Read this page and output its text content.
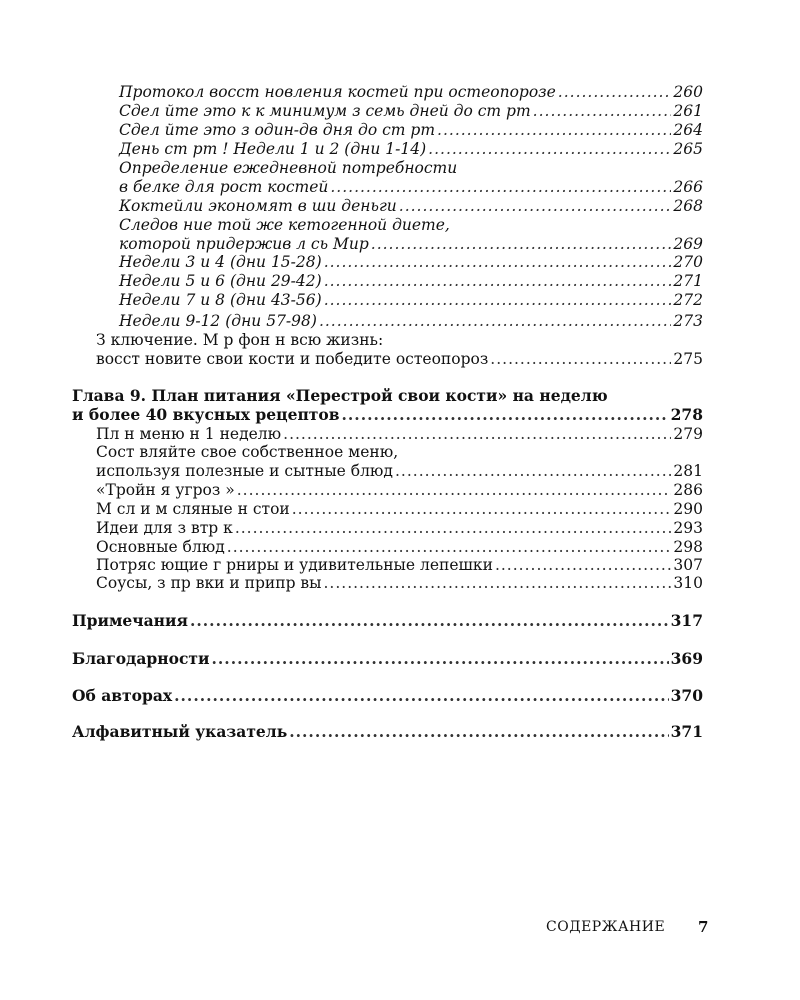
Протокол восст новления костей при остеопорозе .....	260
Сдел йте это к к минимум з семь дней до ст рт .....	261
Сдел йте это з один-дв дня до ст рт .....	264
День ст рт ! Недели 1 и 2 (дни 1-14) .....	265
Определение ежедневной потребности
в белке для рост костей .....	266
Коктейли экономят в ши деньги .....	268
Следов ние той же кетогенной диете,
которой придержив л сь Мир .....	269
Недели 3 и 4 (дни 15-28) .....	270
Недели 5 и 6 (дни 29-42) .....	271
Недели 7 и 8 (дни 43-56) .....	272
Недели 9-12 (дни 57-98) .....	273
З ключение. М р фон н всю жизнь:
восст новите свои кости и победите остеопороз .....	275
Глава 9. План питания «Перестрой свои кости» на неделю
и более 40 вкусных рецептов .....	278
Пл н меню н 1 неделю .....	279
Сост вляйте свое собственное меню,
используя полезные и сытные блюд .....	281
«Тройн я угроз » .....	286
М сл и м сляные н стои .....	290
Идеи для з втр к .....	293
Основные блюд .....	298
Потряс ющие г рниры и удивительные лепешки .....	307
Соусы, з пр вки и припр вы .....	310
Примечания .....	317
Благодарности .....	369
Об авторах .....	370
Алфавитный указатель .....	371
СОДЕРЖАНИЕ 7
